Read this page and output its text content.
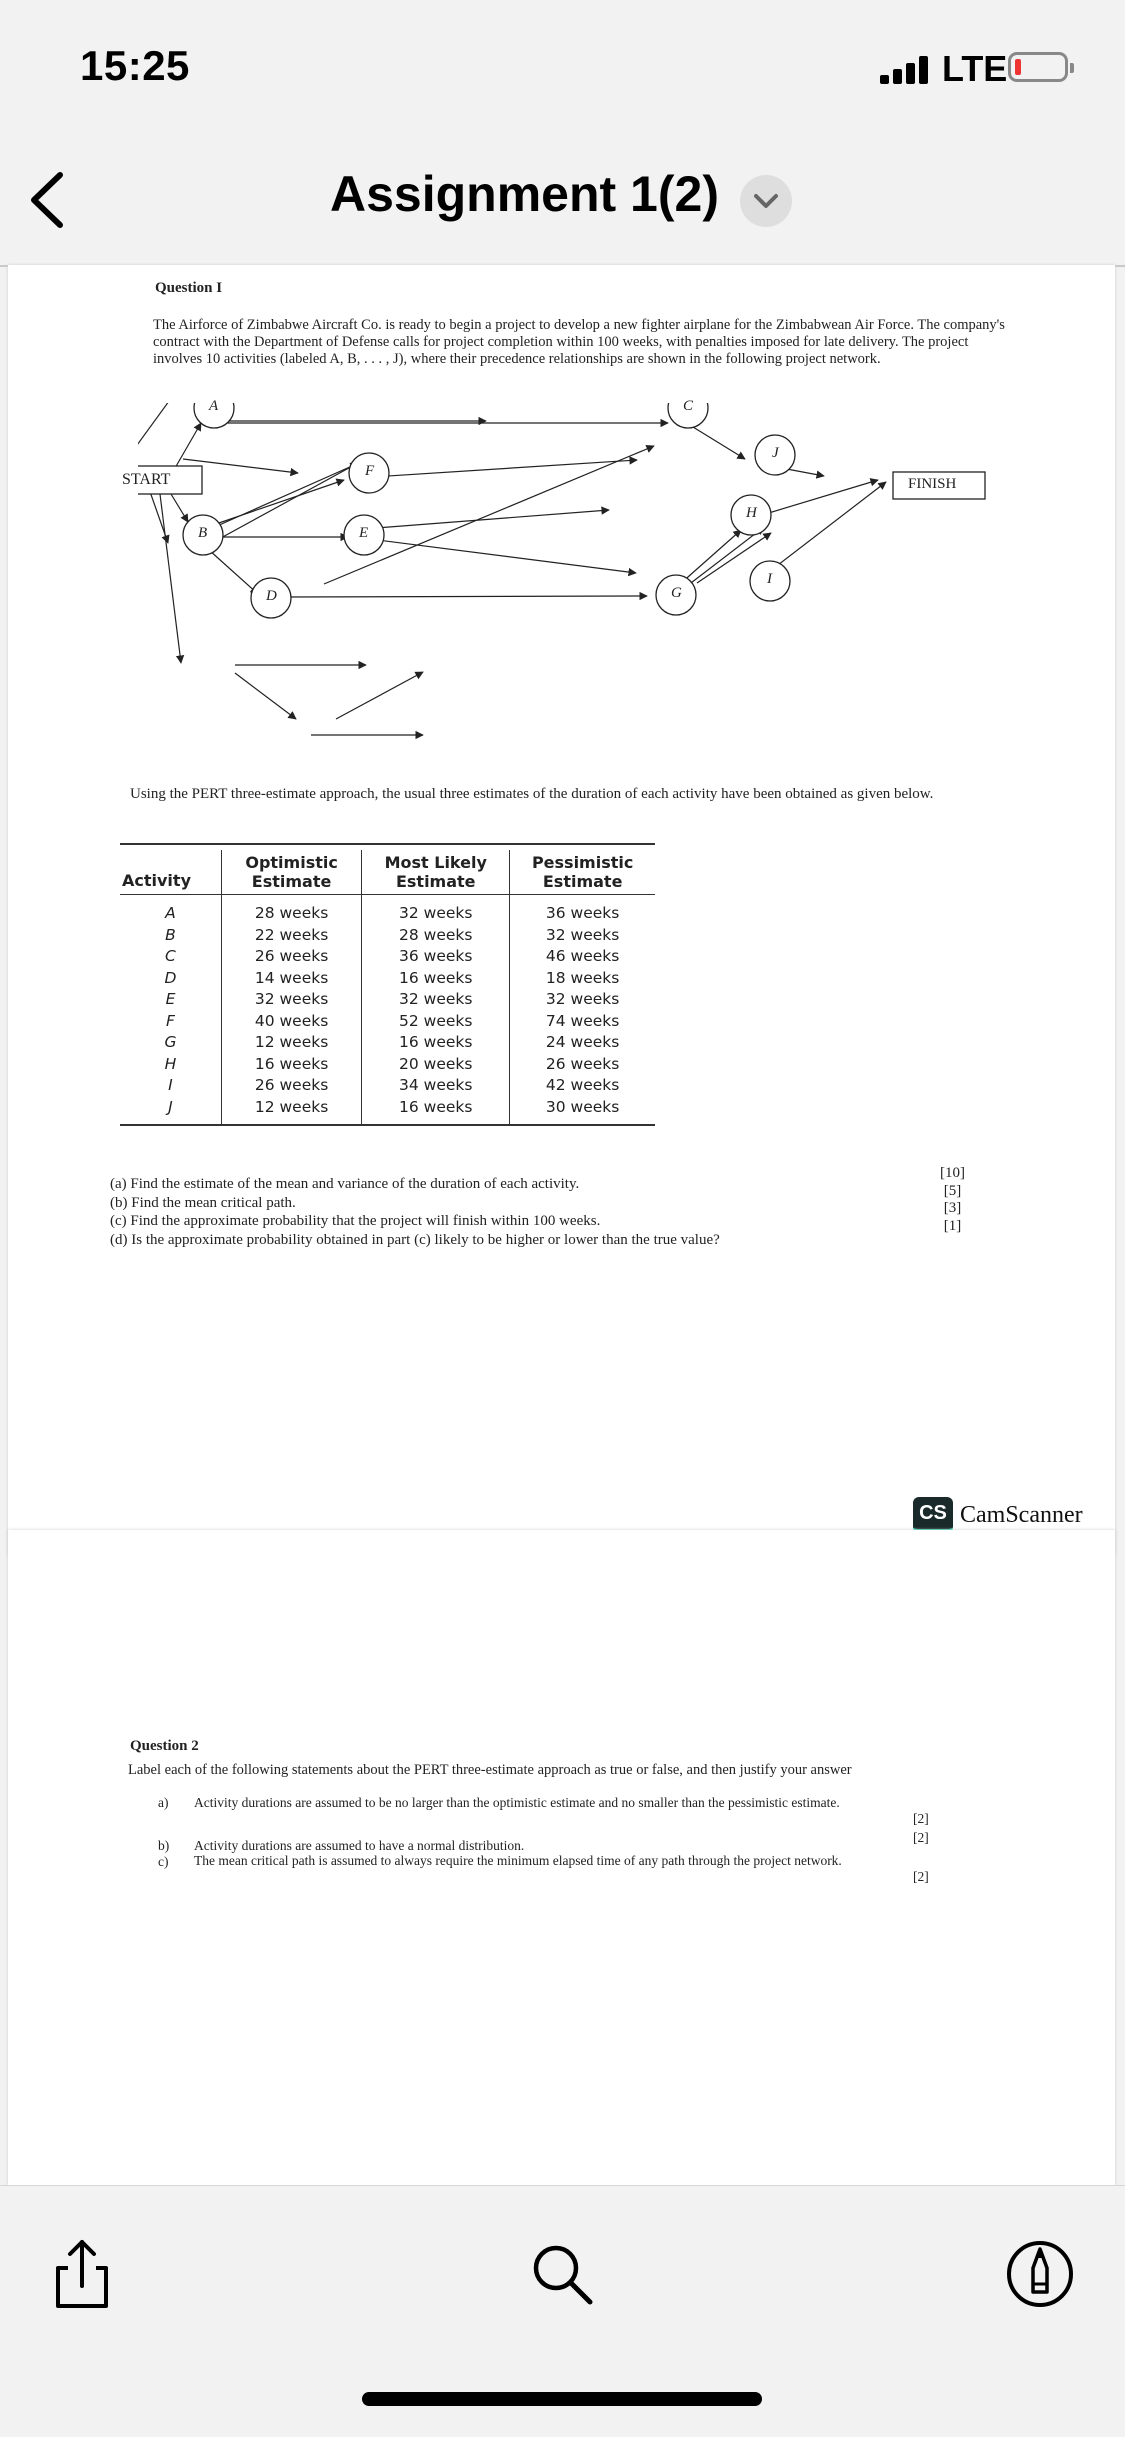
15:25	LTE
Assignment 1(2)
Question I
The Airforce of Zimbabwe Aircraft Co. is ready to begin a project to develop a new fighter airplane for the Zimbabwean Air Force. The company's contract with the Department of Defense calls for project completion within 100 weeks, with penalties imposed for late delivery. The project involves 10 activities (labeled A, B, . . . , J), where their precedence relationships are shown in the following project network.
START	FINISH
A
B
C
D
E
F
G
H
I
J
Using the PERT three-estimate approach, the usual three estimates of the duration of each activity have been obtained as given below.
Activity	Optimistic Estimate	Most Likely Estimate	Pessimistic Estimate
A	28 weeks	32 weeks	36 weeks
B	22 weeks	28 weeks	32 weeks
C	26 weeks	36 weeks	46 weeks
D	14 weeks	16 weeks	18 weeks
E	32 weeks	32 weeks	32 weeks
F	40 weeks	52 weeks	74 weeks
G	12 weeks	16 weeks	24 weeks
H	16 weeks	20 weeks	26 weeks
I	26 weeks	34 weeks	42 weeks
J	12 weeks	16 weeks	30 weeks
(a) Find the estimate of the mean and variance of the duration of each activity.
(b) Find the mean critical path.
(c) Find the approximate probability that the project will finish within 100 weeks.
(d) Is the approximate probability obtained in part (c) likely to be higher or lower than the true value?
[10]
[5]
[3]
[1]
CS CamScanner
Question 2
Label each of the following statements about the PERT three-estimate approach as true or false, and then justify your answer
a) Activity durations are assumed to be no larger than the optimistic estimate and no smaller than the pessimistic estimate.
[2]
b) Activity durations are assumed to have a normal distribution.
[2]
c) The mean critical path is assumed to always require the minimum elapsed time of any path through the project network.
[2]
